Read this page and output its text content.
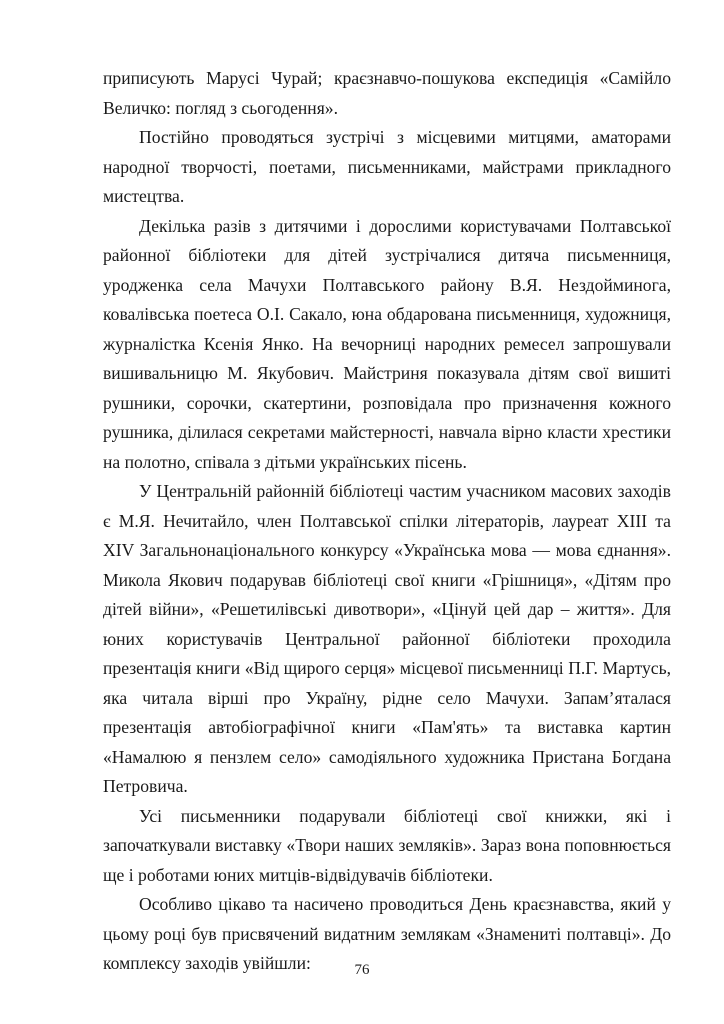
приписують Марусі Чурай; краєзнавчо-пошукова експедиція «Самійло Величко: погляд з сьогодення».

Постійно проводяться зустрічі з місцевими митцями, аматорами народної творчості, поетами, письменниками, майстрами прикладного мистецтва.

Декілька разів з дитячими і дорослими користувачами Полтавської районної бібліотеки для дітей зустрічалися дитяча письменниця, уродженка села Мачухи Полтавського району В.Я. Нездойминога, ковалівська поетеса О.І. Сакало, юна обдарована письменниця, художниця, журналістка Ксенія Янко. На вечорниці народних ремесел запрошували вишивальницю М. Якубович. Майстриня показувала дітям свої вишиті рушники, сорочки, скатертини, розповідала про призначення кожного рушника, ділилася секретами майстерності, навчала вірно класти хрестики на полотно, співала з дітьми українських пісень.

У Центральній районній бібліотеці частим учасником масових заходів є М.Я. Нечитайло, член Полтавської спілки літераторів, лауреат XIII та XIV Загальнонаціонального конкурсу «Українська мова — мова єднання». Микола Якович подарував бібліотеці свої книги «Грішниця», «Дітям про дітей війни», «Решетилівські дивотвори», «Цінуй цей дар – життя». Для юних користувачів Центральної районної бібліотеки проходила презентація книги «Від щирого серця» місцевої письменниці П.Г. Мартусь, яка читала вірші про Україну, рідне село Мачухи. Запам’яталася презентація автобіографічної книги «Пам'ять» та виставка картин «Намалюю я пензлем село» самодіяльного художника Пристана Богдана Петровича.

Усі письменники подарували бібліотеці свої книжки, які і започаткували виставку «Твори наших земляків». Зараз вона поповнюється ще і роботами юних митців-відвідувачів бібліотеки.

Особливо цікаво та насичено проводиться День краєзнавства, який у цьому році був присвячений видатним землякам «Знамениті полтавці». До комплексу заходів увійшли:	76
